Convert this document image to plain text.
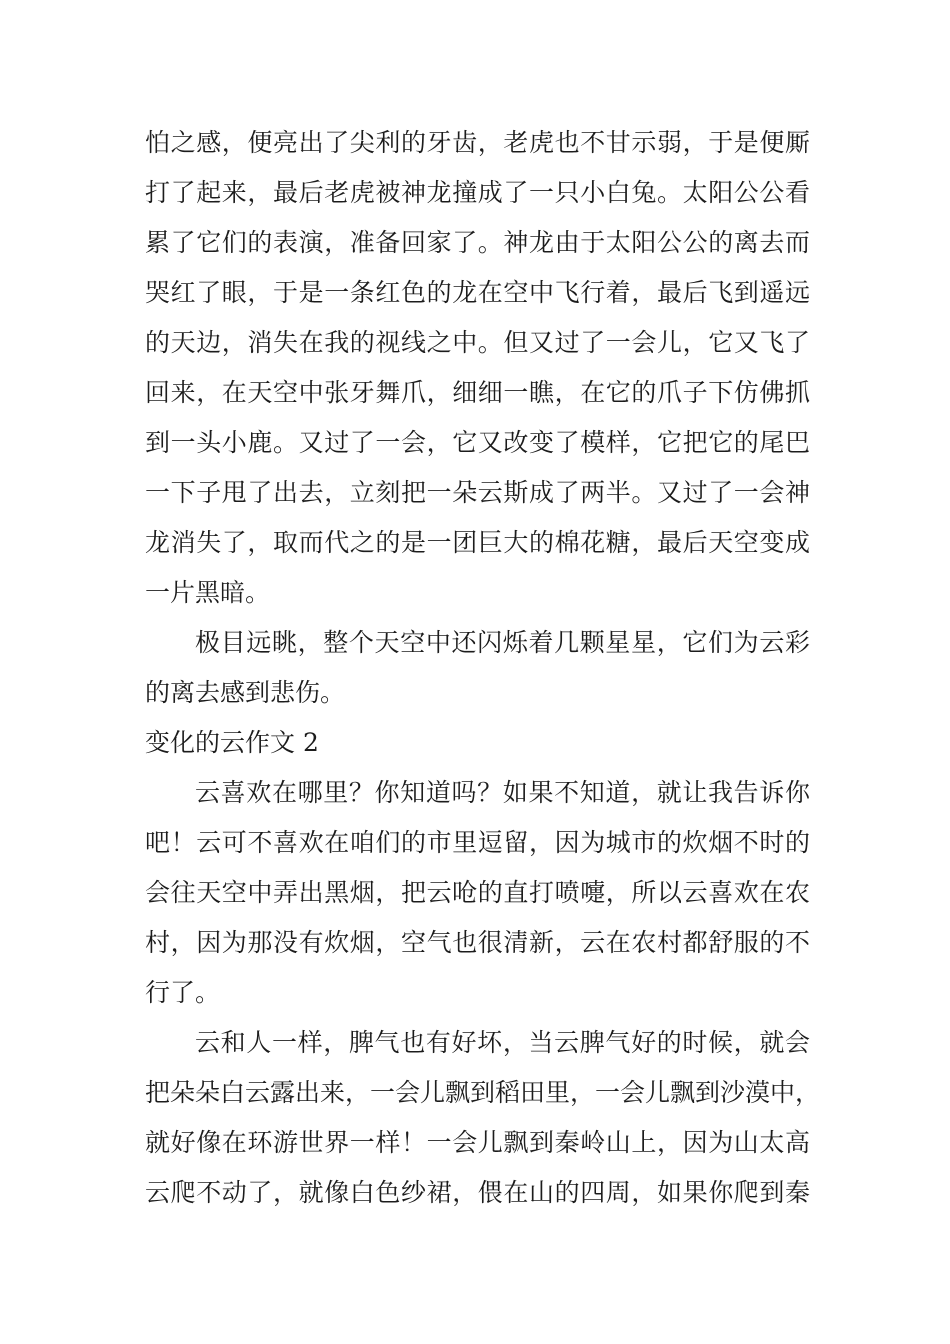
怕之感，便亮出了尖利的牙齿，老虎也不甘示弱，于是便厮
打了起来，最后老虎被神龙撞成了一只小白兔。太阳公公看
累了它们的表演，准备回家了。神龙由于太阳公公的离去而
哭红了眼，于是一条红色的龙在空中飞行着，最后飞到遥远
的天边，消失在我的视线之中。但又过了一会儿，它又飞了
回来，在天空中张牙舞爪，细细一瞧，在它的爪子下仿佛抓
到一头小鹿。又过了一会，它又改变了模样，它把它的尾巴
一下子甩了出去，立刻把一朵云斯成了两半。又过了一会神
龙消失了，取而代之的是一团巨大的棉花糖，最后天空变成
一片黑暗。
极目远眺，整个天空中还闪烁着几颗星星，它们为云彩
的离去感到悲伤。
变化的云作文 2
云喜欢在哪里？你知道吗？如果不知道，就让我告诉你
吧！云可不喜欢在咱们的市里逗留，因为城市的炊烟不时的
会往天空中弄出黑烟，把云呛的直打喷嚏，所以云喜欢在农
村，因为那没有炊烟，空气也很清新，云在农村都舒服的不
行了。
云和人一样，脾气也有好坏，当云脾气好的时候，就会
把朵朵白云露出来，一会儿飘到稻田里，一会儿飘到沙漠中，
就好像在环游世界一样！一会儿飘到秦岭山上，因为山太高
云爬不动了，就像白色纱裙，偎在山的四周，如果你爬到秦
